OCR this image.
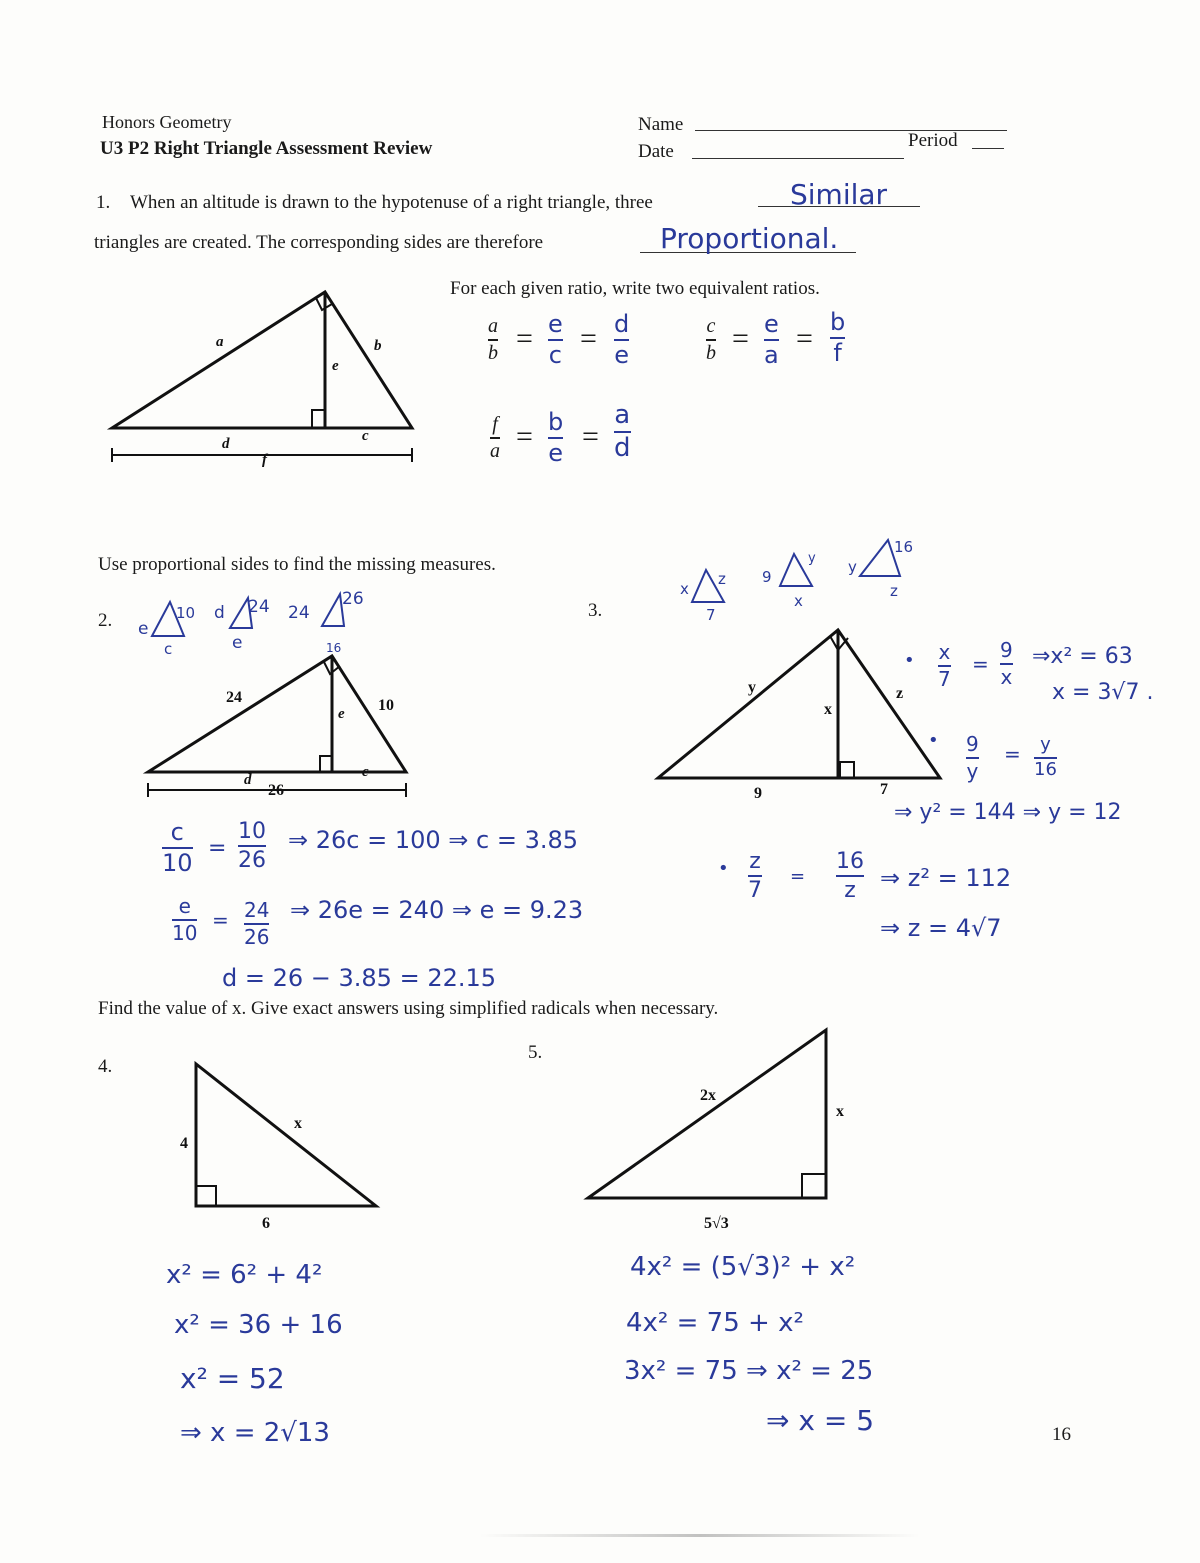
Honors Geometry
U3 P2 Right Triangle Assessment Review
Name
Date
Period
1. When an altitude is drawn to the hypotenuse of a right triangle, three	Similar
triangles are created. The corresponding sides are therefore	Proportional.
a	b
e
d	c
f
For each given ratio, write two equivalent ratios.
a
b = e
c
= d
e
c
b = e
a
= b
f
f
a = b
e
=
a
d
Use proportional sides to find the missing measures.
2. e
10
c
d 24
e
24
26
24	10
e
d	c
26
16
c
10
=
10
26
⇒ 26c = 100 ⇒ c = 3.85
e
10
= 24
26
⇒ 26e = 240 ⇒ e = 9.23
d = 26 − 3.85 = 22.15
3.
x
z
7
9
y
x
y
16
z
y	z
x
9	7
• x
7
=
9
x
⇒x² = 63
x = 3√7 .
• 9
y
= y
16
⇒ y² = 144 ⇒ y = 12
• z
7
=
16
z ⇒ z² = 112
⇒ z = 4√7
Find the value of x. Give exact answers using simplified radicals when necessary.
4.
4
x
6
x² = 6² + 4²
x² = 36 + 16
x² = 52
⇒ x = 2√13
5.
2x
x
5√3
4x² = (5√3)² + x²
4x² = 75 + x²
3x² = 75 ⇒ x² = 25
⇒ x = 5	16
